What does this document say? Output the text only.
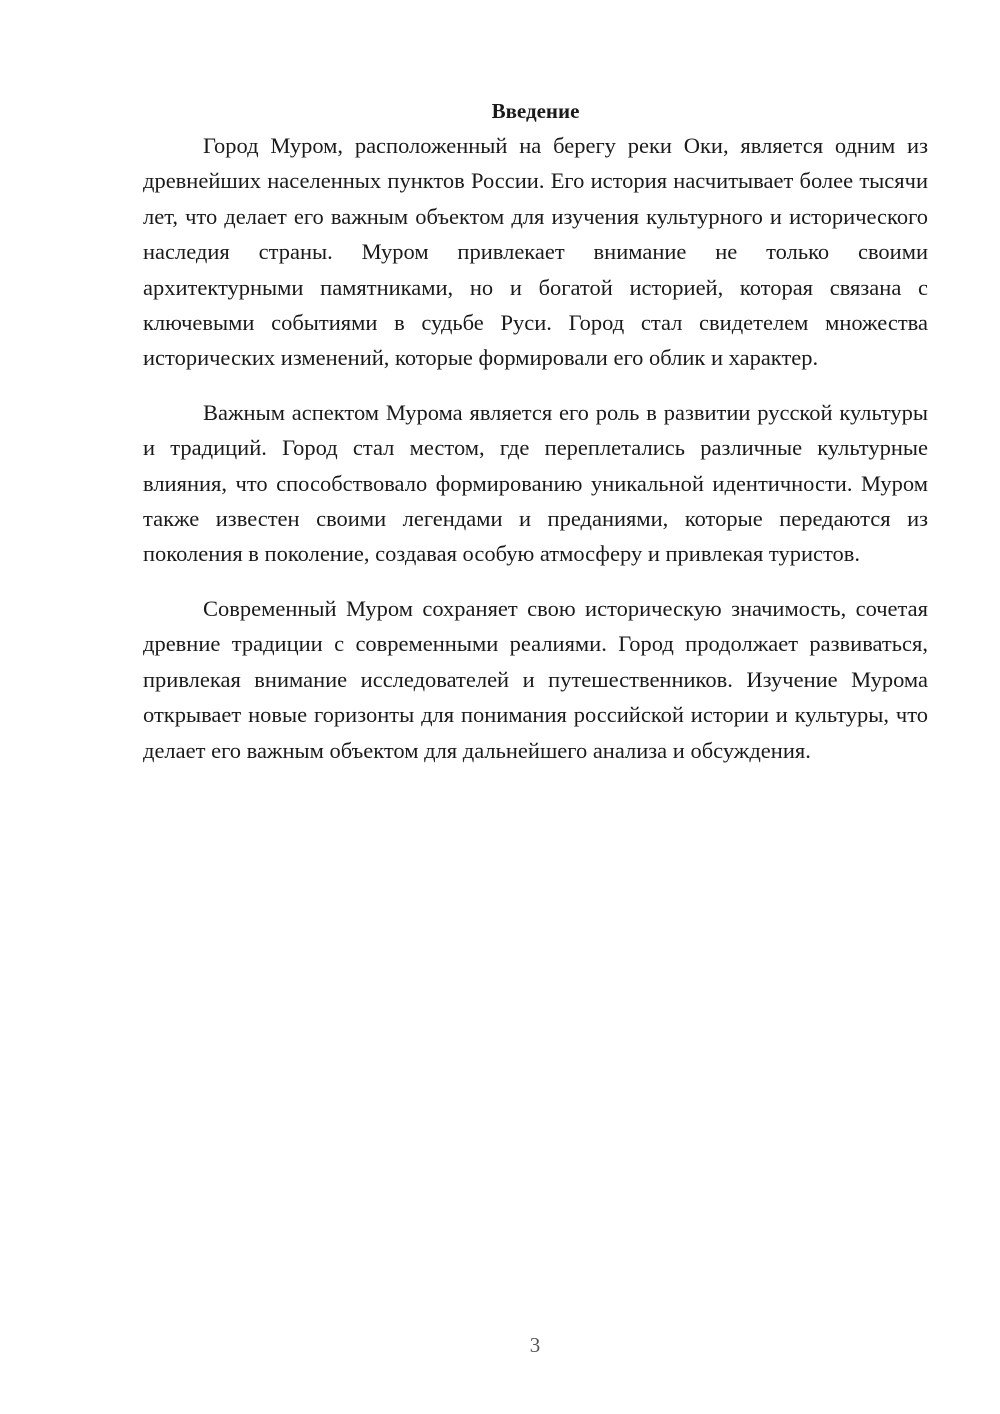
Введение

Город Муром, расположенный на берегу реки Оки, является одним из древнейших населенных пунктов России. Его история насчитывает более тысячи лет, что делает его важным объектом для изучения культурного и исторического наследия страны. Муром привлекает внимание не только своими архитектурными памятниками, но и богатой историей, которая связана с ключевыми событиями в судьбе Руси. Город стал свидетелем множества исторических изменений, которые формировали его облик и характер.

Важным аспектом Мурома является его роль в развитии русской культуры и традиций. Город стал местом, где переплетались различные культурные влияния, что способствовало формированию уникальной идентичности. Муром также известен своими легендами и преданиями, которые передаются из поколения в поколение, создавая особую атмосферу и привлекая туристов.

Современный Муром сохраняет свою историческую значимость, сочетая древние традиции с современными реалиями. Город продолжает развиваться, привлекая внимание исследователей и путешественников. Изучение Мурома открывает новые горизонты для понимания российской истории и культуры, что делает его важным объектом для дальнейшего анализа и обсуждения.

3
